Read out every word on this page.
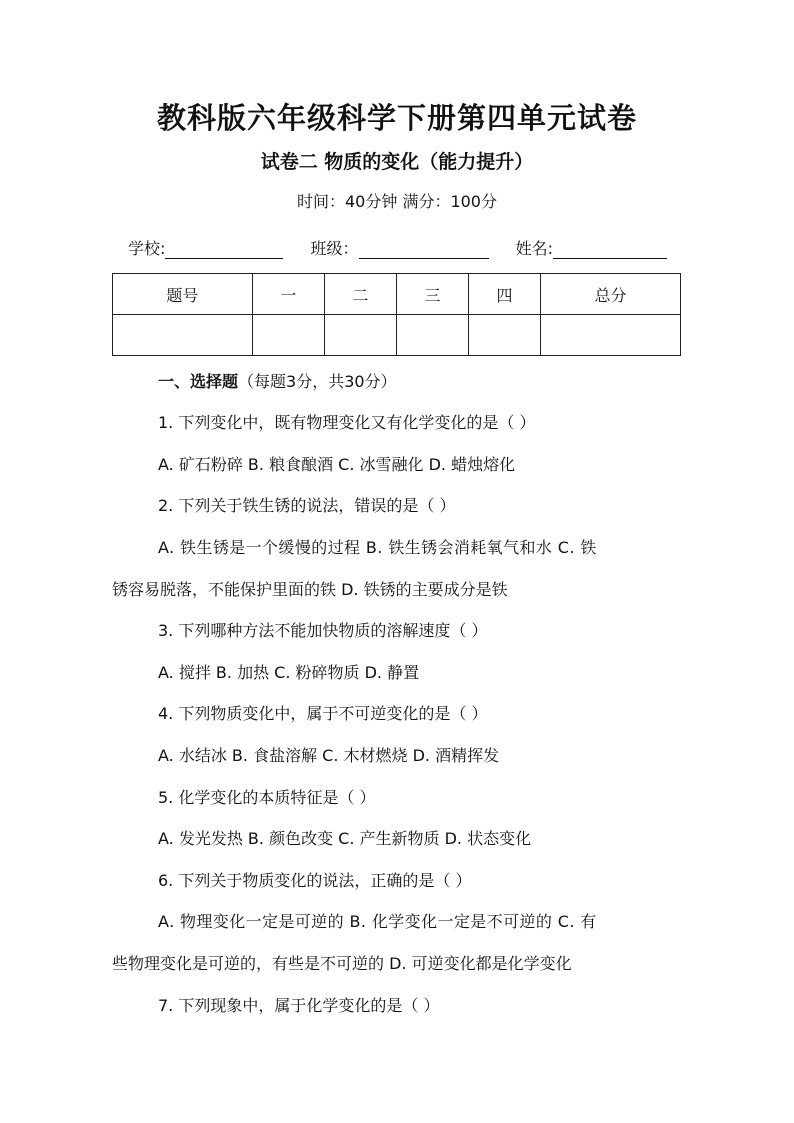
教科版六年级科学下册第四单元试卷
试卷二 物质的变化（能力提升）
时间：40分钟 满分：100分
学校:	班级：	姓名:
题号	一	二	三	四	总分

一、选择题（每题3分，共30分）
1. 下列变化中，既有物理变化又有化学变化的是（ ）
A. 矿石粉碎 B. 粮食酿酒 C. 冰雪融化 D. 蜡烛熔化
2. 下列关于铁生锈的说法，错误的是（ ）
A. 铁生锈是一个缓慢的过程 B. 铁生锈会消耗氧气和水 C. 铁
锈容易脱落，不能保护里面的铁 D. 铁锈的主要成分是铁
3. 下列哪种方法不能加快物质的溶解速度（ ）
A. 搅拌 B. 加热 C. 粉碎物质 D. 静置
4. 下列物质变化中，属于不可逆变化的是（ ）
A. 水结冰 B. 食盐溶解 C. 木材燃烧 D. 酒精挥发
5. 化学变化的本质特征是（ ）
A. 发光发热 B. 颜色改变 C. 产生新物质 D. 状态变化
6. 下列关于物质变化的说法，正确的是（ ）
A. 物理变化一定是可逆的 B. 化学变化一定是不可逆的 C. 有
些物理变化是可逆的，有些是不可逆的 D. 可逆变化都是化学变化
7. 下列现象中，属于化学变化的是（ ）
